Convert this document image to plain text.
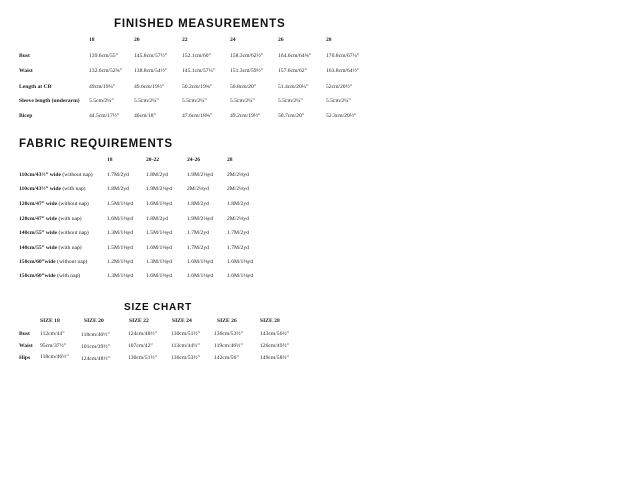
FINISHED MEASUREMENTS
18	20	22	24	26	28
Bust	139.6cm/55”	145.8cm/57½”	152.1cm/60”	158.3cm/62½”	164.6cm/64¾”	170.8cm/67¼”
Waist	132.6cm/52¾” 138.8cm/54½”	145.1cm/57¼”	151.3cm/59½”	157.6cm/62”	163.8cm/64½”
Length at CB	49cm/19¼”	49.6cm/19½”	50.2cm/19¾”	50.8cm/20”	51.4cm/20¼”	52cm/20½”
Sleeve length (underarm) 5.5cm/2¼”	5.5cm/2¼”	5.5cm/2¼”	5.5cm/2¼”	5.5cm/2¼”	5.5cm/2¼”
Bicep	44.5cm/17½”	46cm/18”	47.6cm/18¾”	49.2cm/19½”	50.7cm/20”	52.3cm/20½”
FABRIC REQUIREMENTS
18	20-22	24-26	28
110cm/43½” wide (without nap)	1.7M/2yd	1.8M/2yd	1.9M/2⅛yd 2M/2⅛yd
110cm/43½” wide (with nap)	1.8M/2yd	1.9M/2⅛yd	2M/2⅛yd	2M/2⅛yd
120cm/47” wide (without nap)	1.5M/1⅜yd 1.6M/1⅜yd	1.8M/2yd	1.8M/2yd
120cm/47” wide (with nap)	1.6M/1⅜yd 1.8M/2yd	1.9M/2⅛yd 2M/2⅛yd
140cm/55” wide (without nap)	1.3M/1⅜yd 1.5M/1⅜yd	1.7M/2yd	1.7M/2yd
140cm/55” wide (with nap)	1.5M/1⅜yd 1.6M/1⅜yd	1.7M/2yd	1.7M/2yd
150cm/60”wide (without nap)	1.2M/1⅜yd 1.3M/1⅜yd	1.6M/1⅜yd 1.6M/1⅜yd
150cm/60”wide (with nap)	1.3M/1⅜yd 1.6M/1⅜yd	1.6M/1⅜yd 1.6M/1⅜yd
SIZE CHART
SIZE 18	SIZE 20	SIZE 22	SIZE 24	SIZE 26	SIZE 28
Bust 112cm/44”	118cm/46½”	124cm/48½” 130cm/51½” 136cm/53½”	143cm/56½”
Waist 95cm/37½”	101cm/39½”	107cm/42”	113cm/44½”	119cm/46½”	126cm/49½”
Hips 118cm/46½” 124cm/48½”	130cm/51½” 136cm/53½” 142cm/56”	149cm/58½”
